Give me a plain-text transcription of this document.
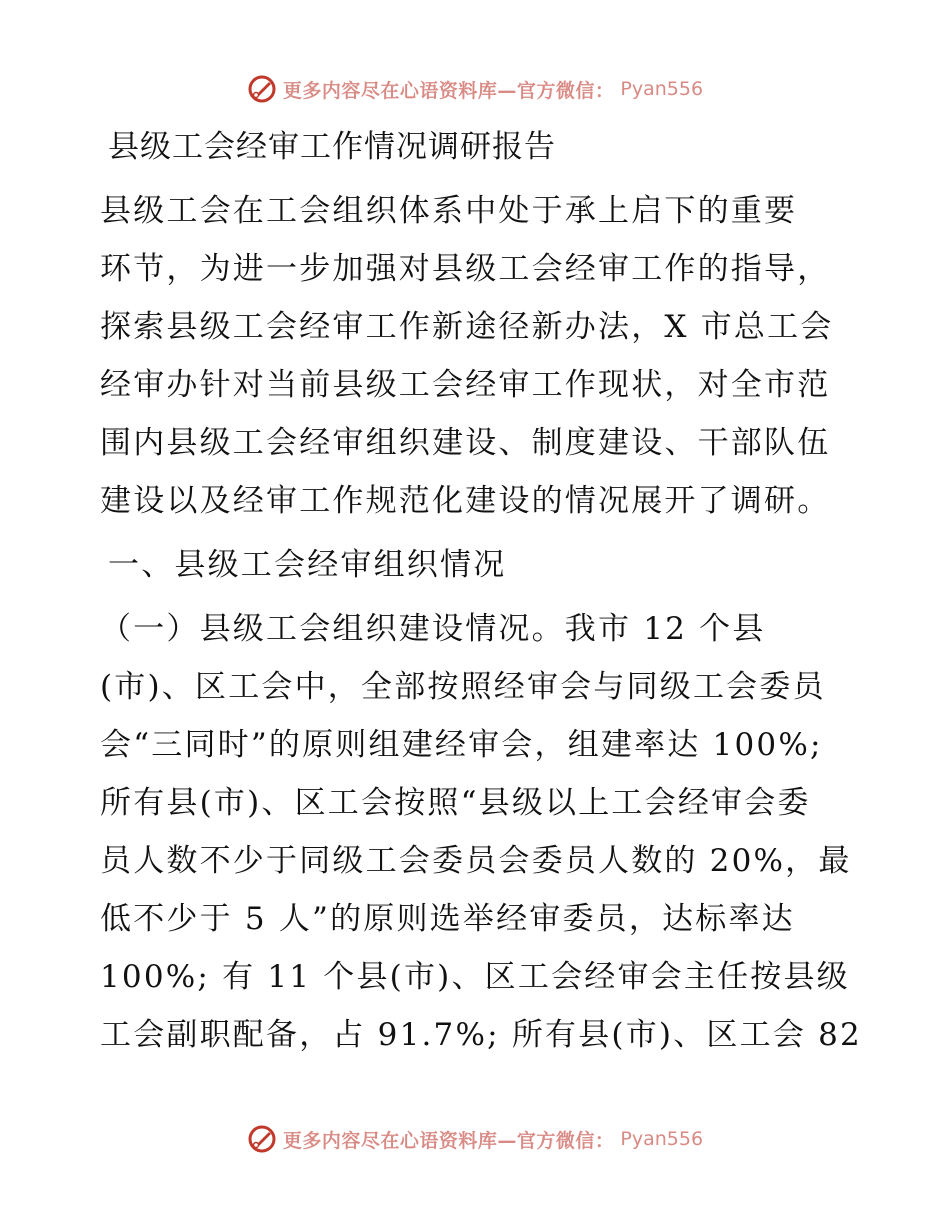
更多内容尽在心语资料库—官方微信： Pyan556
县级工会经审工作情况调研报告
县级工会在工会组织体系中处于承上启下的重要
环节，为进一步加强对县级工会经审工作的指导，
探索县级工会经审工作新途径新办法，X 市总工会
经审办针对当前县级工会经审工作现状，对全市范
围内县级工会经审组织建设、制度建设、干部队伍
建设以及经审工作规范化建设的情况展开了调研。
一、县级工会经审组织情况
（一）县级工会组织建设情况。我市 12 个县
(市)、区工会中，全部按照经审会与同级工会委员
会“三同时”的原则组建经审会，组建率达 100%;
所有县(市)、区工会按照“县级以上工会经审会委
员人数不少于同级工会委员会委员人数的 20%，最
低不少于 5 人”的原则选举经审委员，达标率达
100%; 有 11 个县(市)、区工会经审会主任按县级
工会副职配备，占 91.7%; 所有县(市)、区工会 82
更多内容尽在心语资料库—官方微信： Pyan556
